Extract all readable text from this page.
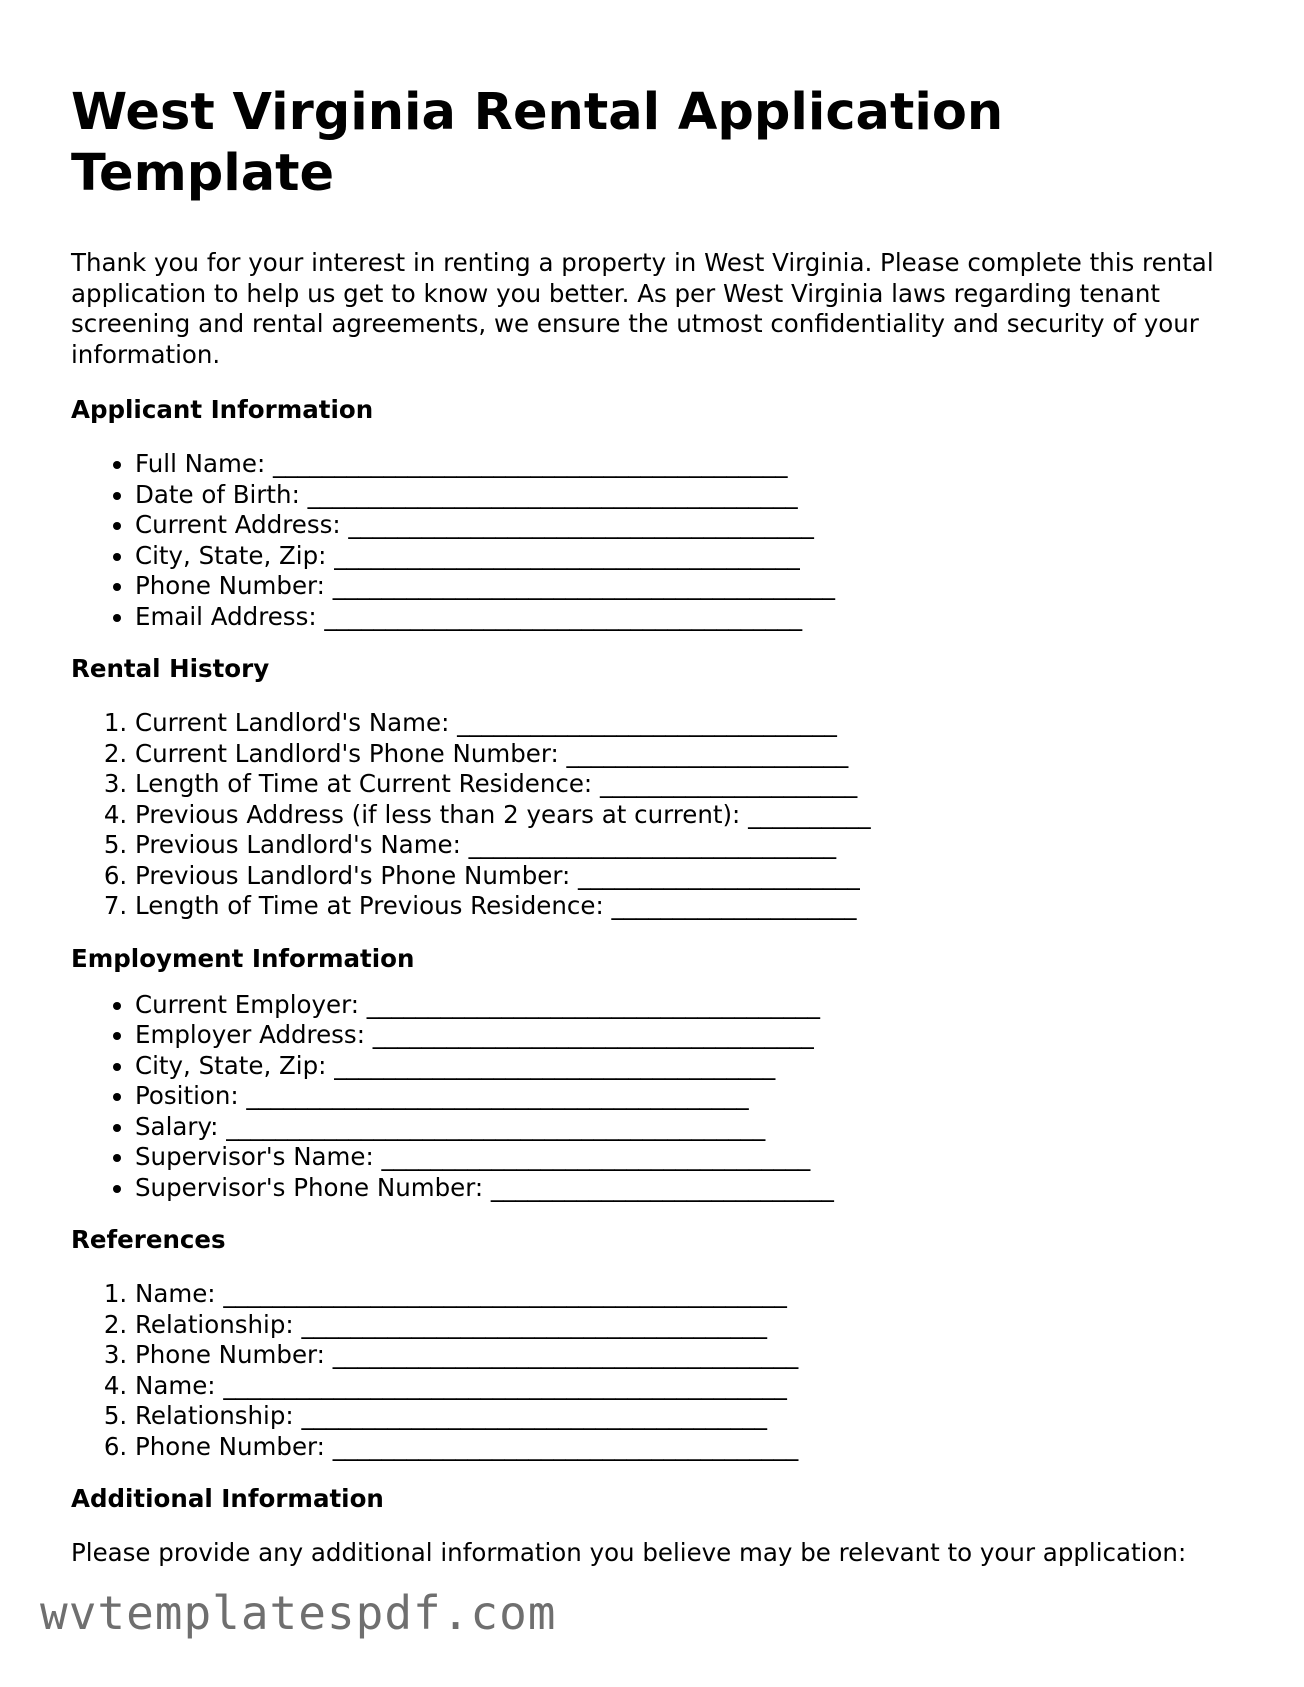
West Virginia Rental Application Template

Thank you for your interest in renting a property in West Virginia. Please complete this rental application to help us get to know you better. As per West Virginia laws regarding tenant screening and rental agreements, we ensure the utmost confidentiality and security of your information.

Applicant Information
• Full Name: __________________________________________
• Date of Birth: ________________________________________
• Current Address: ______________________________________
• City, State, Zip: ______________________________________
• Phone Number: _________________________________________
• Email Address: _______________________________________
Rental History
1. Current Landlord's Name: _______________________________
2. Current Landlord's Phone Number: _______________________
3. Length of Time at Current Residence: _____________________
4. Previous Address (if less than 2 years at current): __________
5. Previous Landlord's Name: ______________________________
6. Previous Landlord's Phone Number: _______________________
7. Length of Time at Previous Residence: ____________________
Employment Information
• Current Employer: _____________________________________
• Employer Address: ____________________________________
• City, State, Zip: ____________________________________
• Position: _________________________________________
• Salary: ____________________________________________
• Supervisor's Name: ___________________________________
• Supervisor's Phone Number: ____________________________
References
1. Name: ______________________________________________
2. Relationship: ______________________________________
3. Phone Number: ______________________________________
4. Name: ______________________________________________
5. Relationship: ______________________________________
6. Phone Number: ______________________________________
Additional Information

Please provide any additional information you believe may be relevant to your application:

wvtemplatespdf.com
